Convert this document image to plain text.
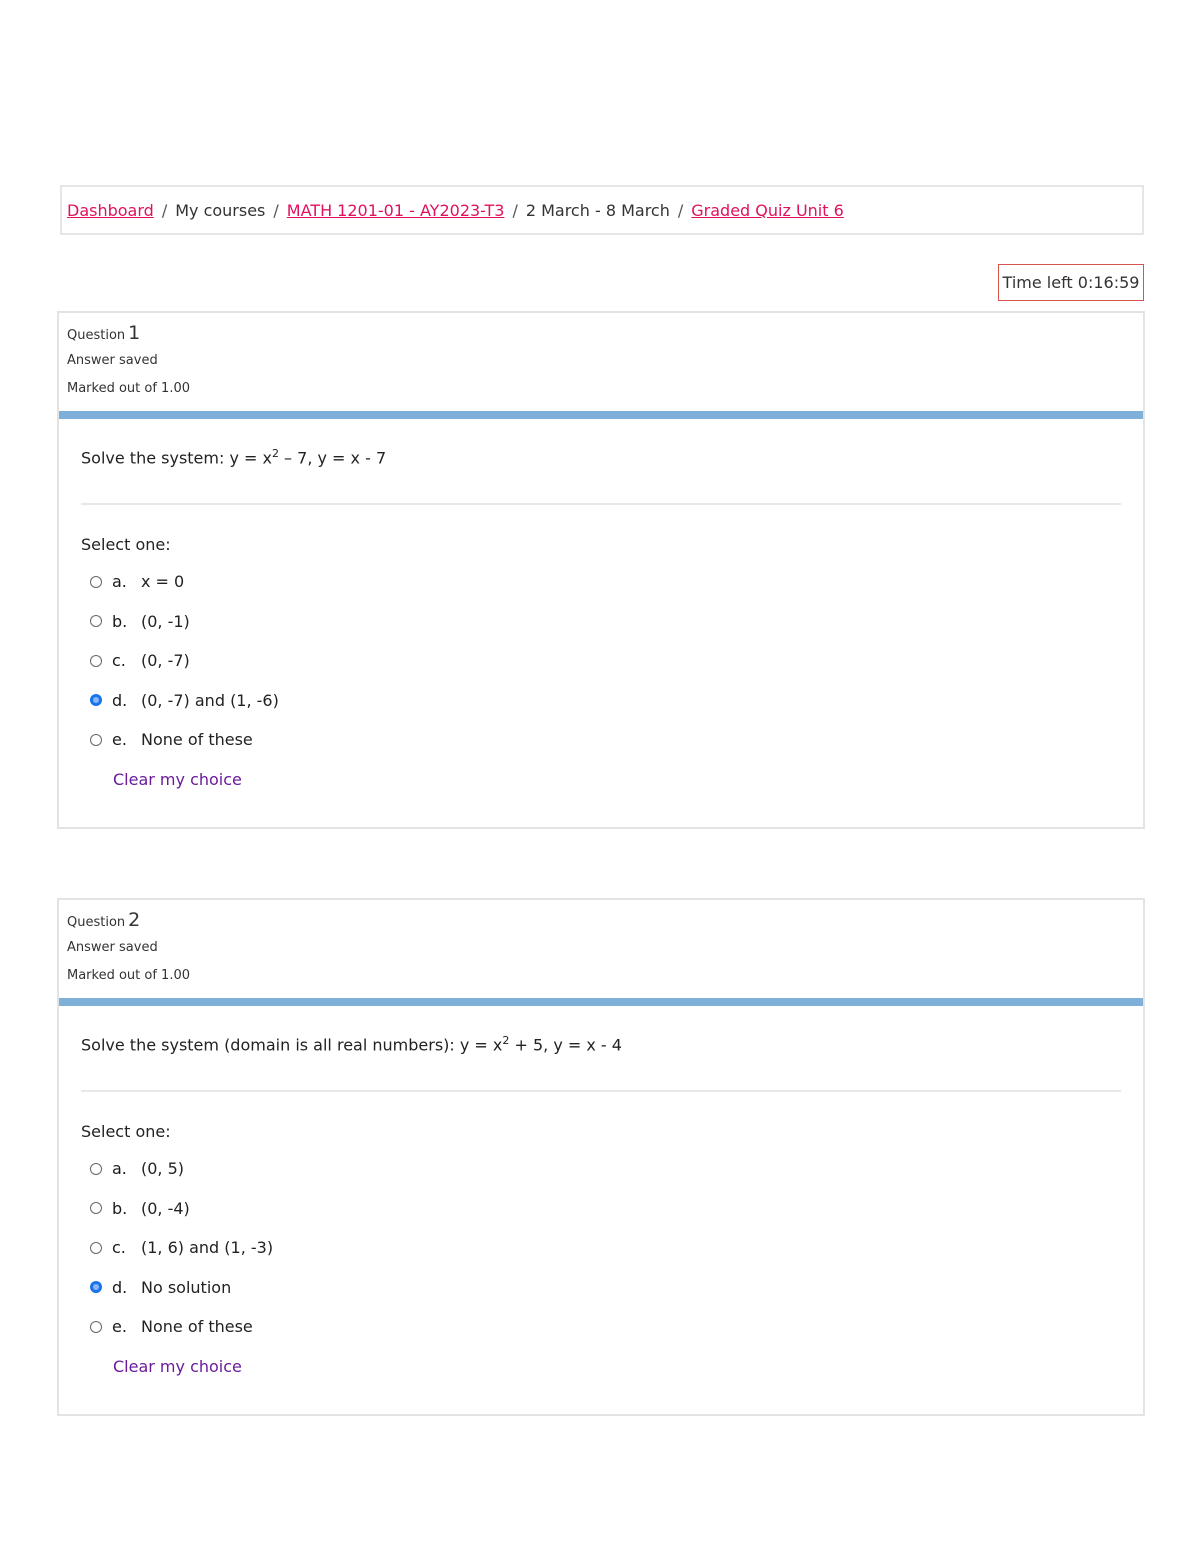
Dashboard / My courses / MATH 1201-01 - AY2023-T3 / 2 March - 8 March / Graded Quiz Unit 6
Time left 0:16:59
Question 1
Answer saved
Marked out of 1.00
Solve the system: $y = x^2 - 7$, y = x - 7
Select one:
a. x = 0
b. (0, -1)
c. (0, -7)
d. (0, -7) and (1, -6)
e. None of these
Clear my choice
Question 2
Answer saved
Marked out of 1.00
Solve the system (domain is all real numbers): $y = x^2 + 5$, y = x - 4
Select one:
a. (0, 5)
b. (0, -4)
c. (1, 6) and (1, -3)
d. No solution
e. None of these
Clear my choice
